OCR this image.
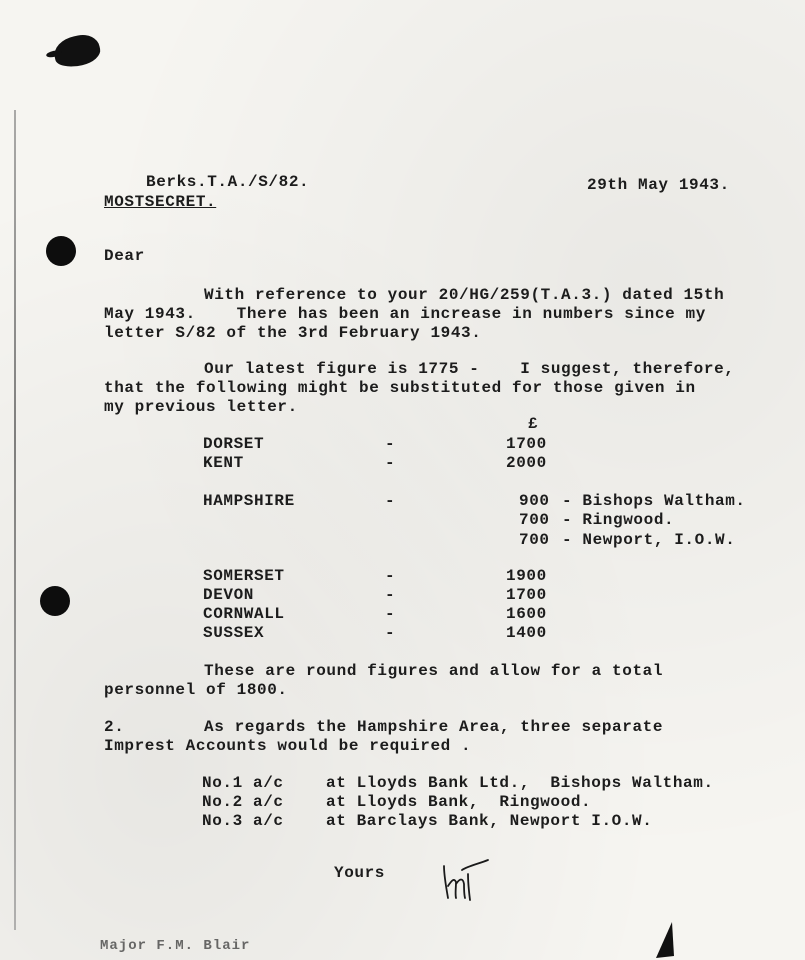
Berks.T.A./S/82.	29th May 1943.
MOSTSECRET.
Dear
With reference to your 20/HG/259(T.A.3.) dated 15th
May 1943.    There has been an increase in numbers since my
letter S/82 of the 3rd February 1943.
Our latest figure is 1775 -    I suggest, therefore,
that the following might be substituted for those given in
my previous letter.
£
DORSET	-	1700
KENT	-	2000
HAMPSHIRE	-	900 - Bishops Waltham.
700 - Ringwood.
700 - Newport, I.O.W.
SOMERSET	-	1900
DEVON	-	1700
CORNWALL	-	1600
SUSSEX	-	1400
These are round figures and allow for a total
personnel of 1800.
2.	As regards the Hampshire Area, three separate
Imprest Accounts would be required .
No.1 a/c	at Lloyds Bank Ltd.,  Bishops Waltham.
No.2 a/c	at Lloyds Bank,  Ringwood.
No.3 a/c	at Barclays Bank, Newport I.O.W.
Yours
Major F.M. Blair
